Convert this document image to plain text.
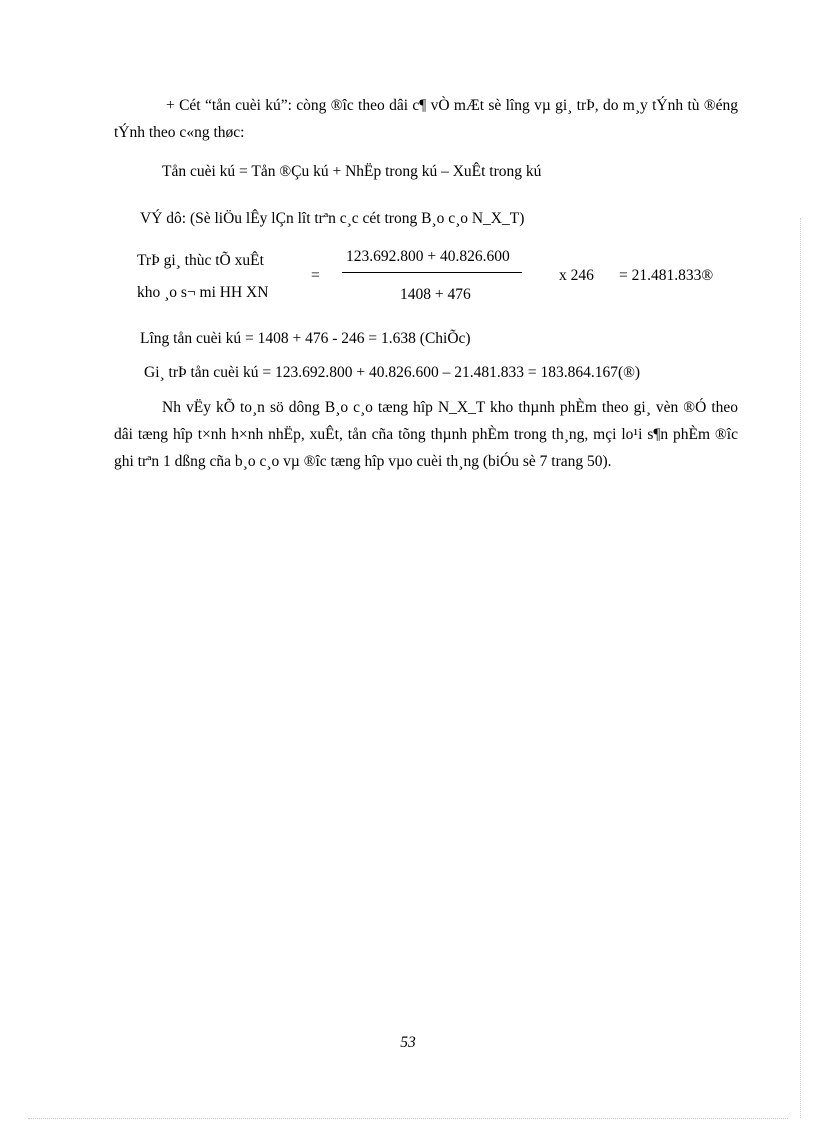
+ Cét “tån cuèi kú”: còng ®îc theo dâi c¶ vÒ mÆt sè lîng vµ gi¸ trÞ, do m¸y tÝnh tù ®éng tÝnh theo c«ng thøc:
Tån cuèi kú = Tån ®Çu kú + NhËp trong kú – XuÊt trong kú
VÝ dô: (Sè liÖu lÊy lÇn lît trªn c¸c cét trong B¸o c¸o N_X_T)
TrÞ gi¸ thùc tÕ xuÊt
kho ¸o s¬ mi HH XN
=
123.692.800 + 40.826.600
1408 + 476
x 246 = 21.481.833®
Lîng tån cuèi kú = 1408 + 476 - 246 = 1.638 (ChiÕc)
Gi¸ trÞ tån cuèi kú = 123.692.800 + 40.826.600 – 21.481.833 = 183.864.167(®)
Nh vËy kÕ to¸n sö dông B¸o c¸o tæng hîp N_X_T kho thµnh phÈm theo gi¸ vèn ®Ó theo dâi tæng hîp t×nh h×nh nhËp, xuÊt, tån cña tõng thµnh phÈm trong th¸ng, mçi lo¹i s¶n phÈm ®îc ghi trªn 1 dßng cña b¸o c¸o vµ ®îc tæng hîp vµo cuèi th¸ng (biÓu sè 7 trang 50).
53
